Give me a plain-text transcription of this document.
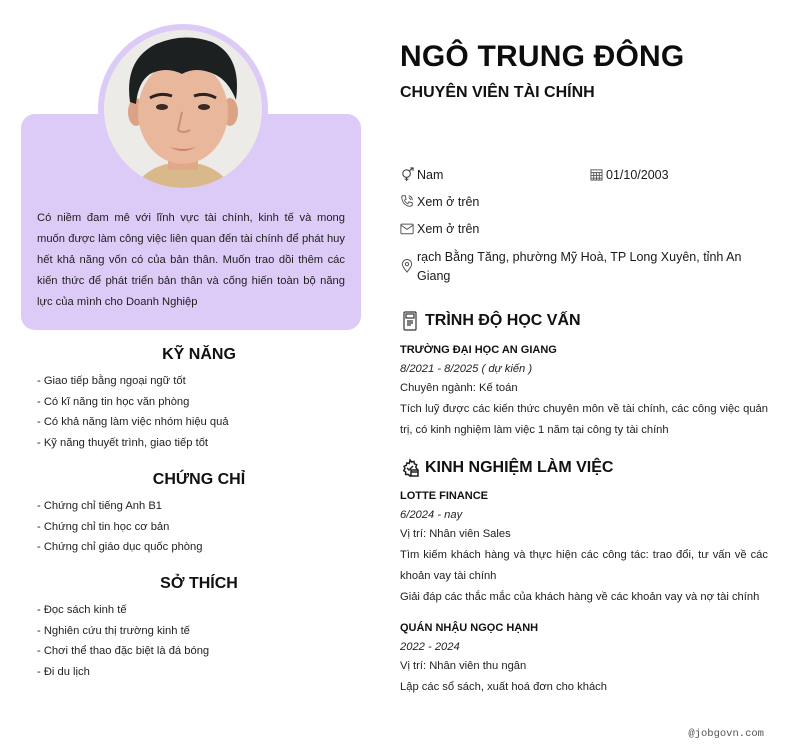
Có niềm đam mê với lĩnh vực tài chính, kinh tế và mong muốn được làm công việc liên quan đến tài chính để phát huy hết khả năng vốn có của bản thân. Muốn trao dồi thêm các kiến thức để phát triển bản thân và cống hiến toàn bộ năng lực của mình cho Doanh Nghiệp

KỸ NĂNG
- Giao tiếp bằng ngoại ngữ tốt
- Có kĩ năng tin học văn phòng
- Có khả năng làm việc nhóm hiệu quả
- Kỹ năng thuyết trình, giao tiếp tốt
CHỨNG CHỈ
- Chứng chỉ tiếng Anh B1
- Chứng chỉ tin học cơ bản
- Chứng chỉ giáo dục quốc phòng
SỞ THÍCH
- Đọc sách kinh tế
- Nghiên cứu thị trường kinh tế
- Chơi thể thao đặc biệt là đá bóng
- Đi du lịch
NGÔ TRUNG ĐÔNG
CHUYÊN VIÊN TÀI CHÍNH
Nam	01/10/2003
Xem ở trên
Xem ở trên
rạch Bằng Tăng, phường Mỹ Hoà, TP Long Xuyên, tỉnh An Giang
TRÌNH ĐỘ HỌC VẤN
TRƯỜNG ĐẠI HỌC AN GIANG
8/2021 - 8/2025 ( dự kiến )
Chuyên ngành: Kế toán
Tích luỹ được các kiến thức chuyên môn về tài chính, các công việc quản trị, có kinh nghiệm làm việc 1 năm tại công ty tài chính
KINH NGHIỆM LÀM VIỆC
LOTTE FINANCE
6/2024 - nay
Vị trí: Nhân viên Sales
Tìm kiếm khách hàng và thực hiện các công tác: trao đổi, tư vấn về các khoản vay tài chính
Giải đáp các thắc mắc của khách hàng về các khoản vay và nợ tài chính
QUÁN NHẬU NGỌC HẠNH
2022 - 2024
Vị trí: Nhân viên thu ngân
Lập các sổ sách, xuất hoá đơn cho khách
@jobgovn.com
